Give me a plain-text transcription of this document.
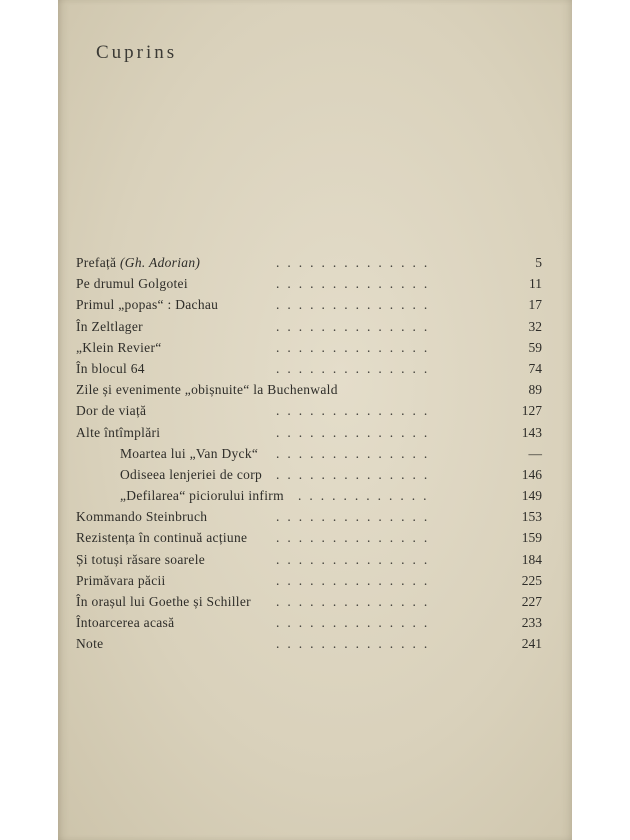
Cuprins
Prefață (Gh. Adorian)	..............	5
Pe drumul Golgotei	..............	11
Primul „popas“ : Dachau	..............	17
În Zeltlager	..............	32
„Klein Revier“	..............	59
În blocul 64	..............	74
Zile și evenimente „obișnuite“ la Buchenwald	89
Dor de viață	..............	127
Alte întîmplări	..............	143
Moartea lui „Van Dyck“ ..............	—
Odiseea lenjeriei de corp ..............	146
„Defilarea“ piciorului infirm ............	149
Kommando Steinbruch	..............	153
Rezistența în continuă acțiune ..............	159
Și totuși răsare soarele	..............	184
Primăvara păcii	..............	225
În orașul lui Goethe și Schiller ..............	227
Întoarcerea acasă	..............	233
Note	..............	241
